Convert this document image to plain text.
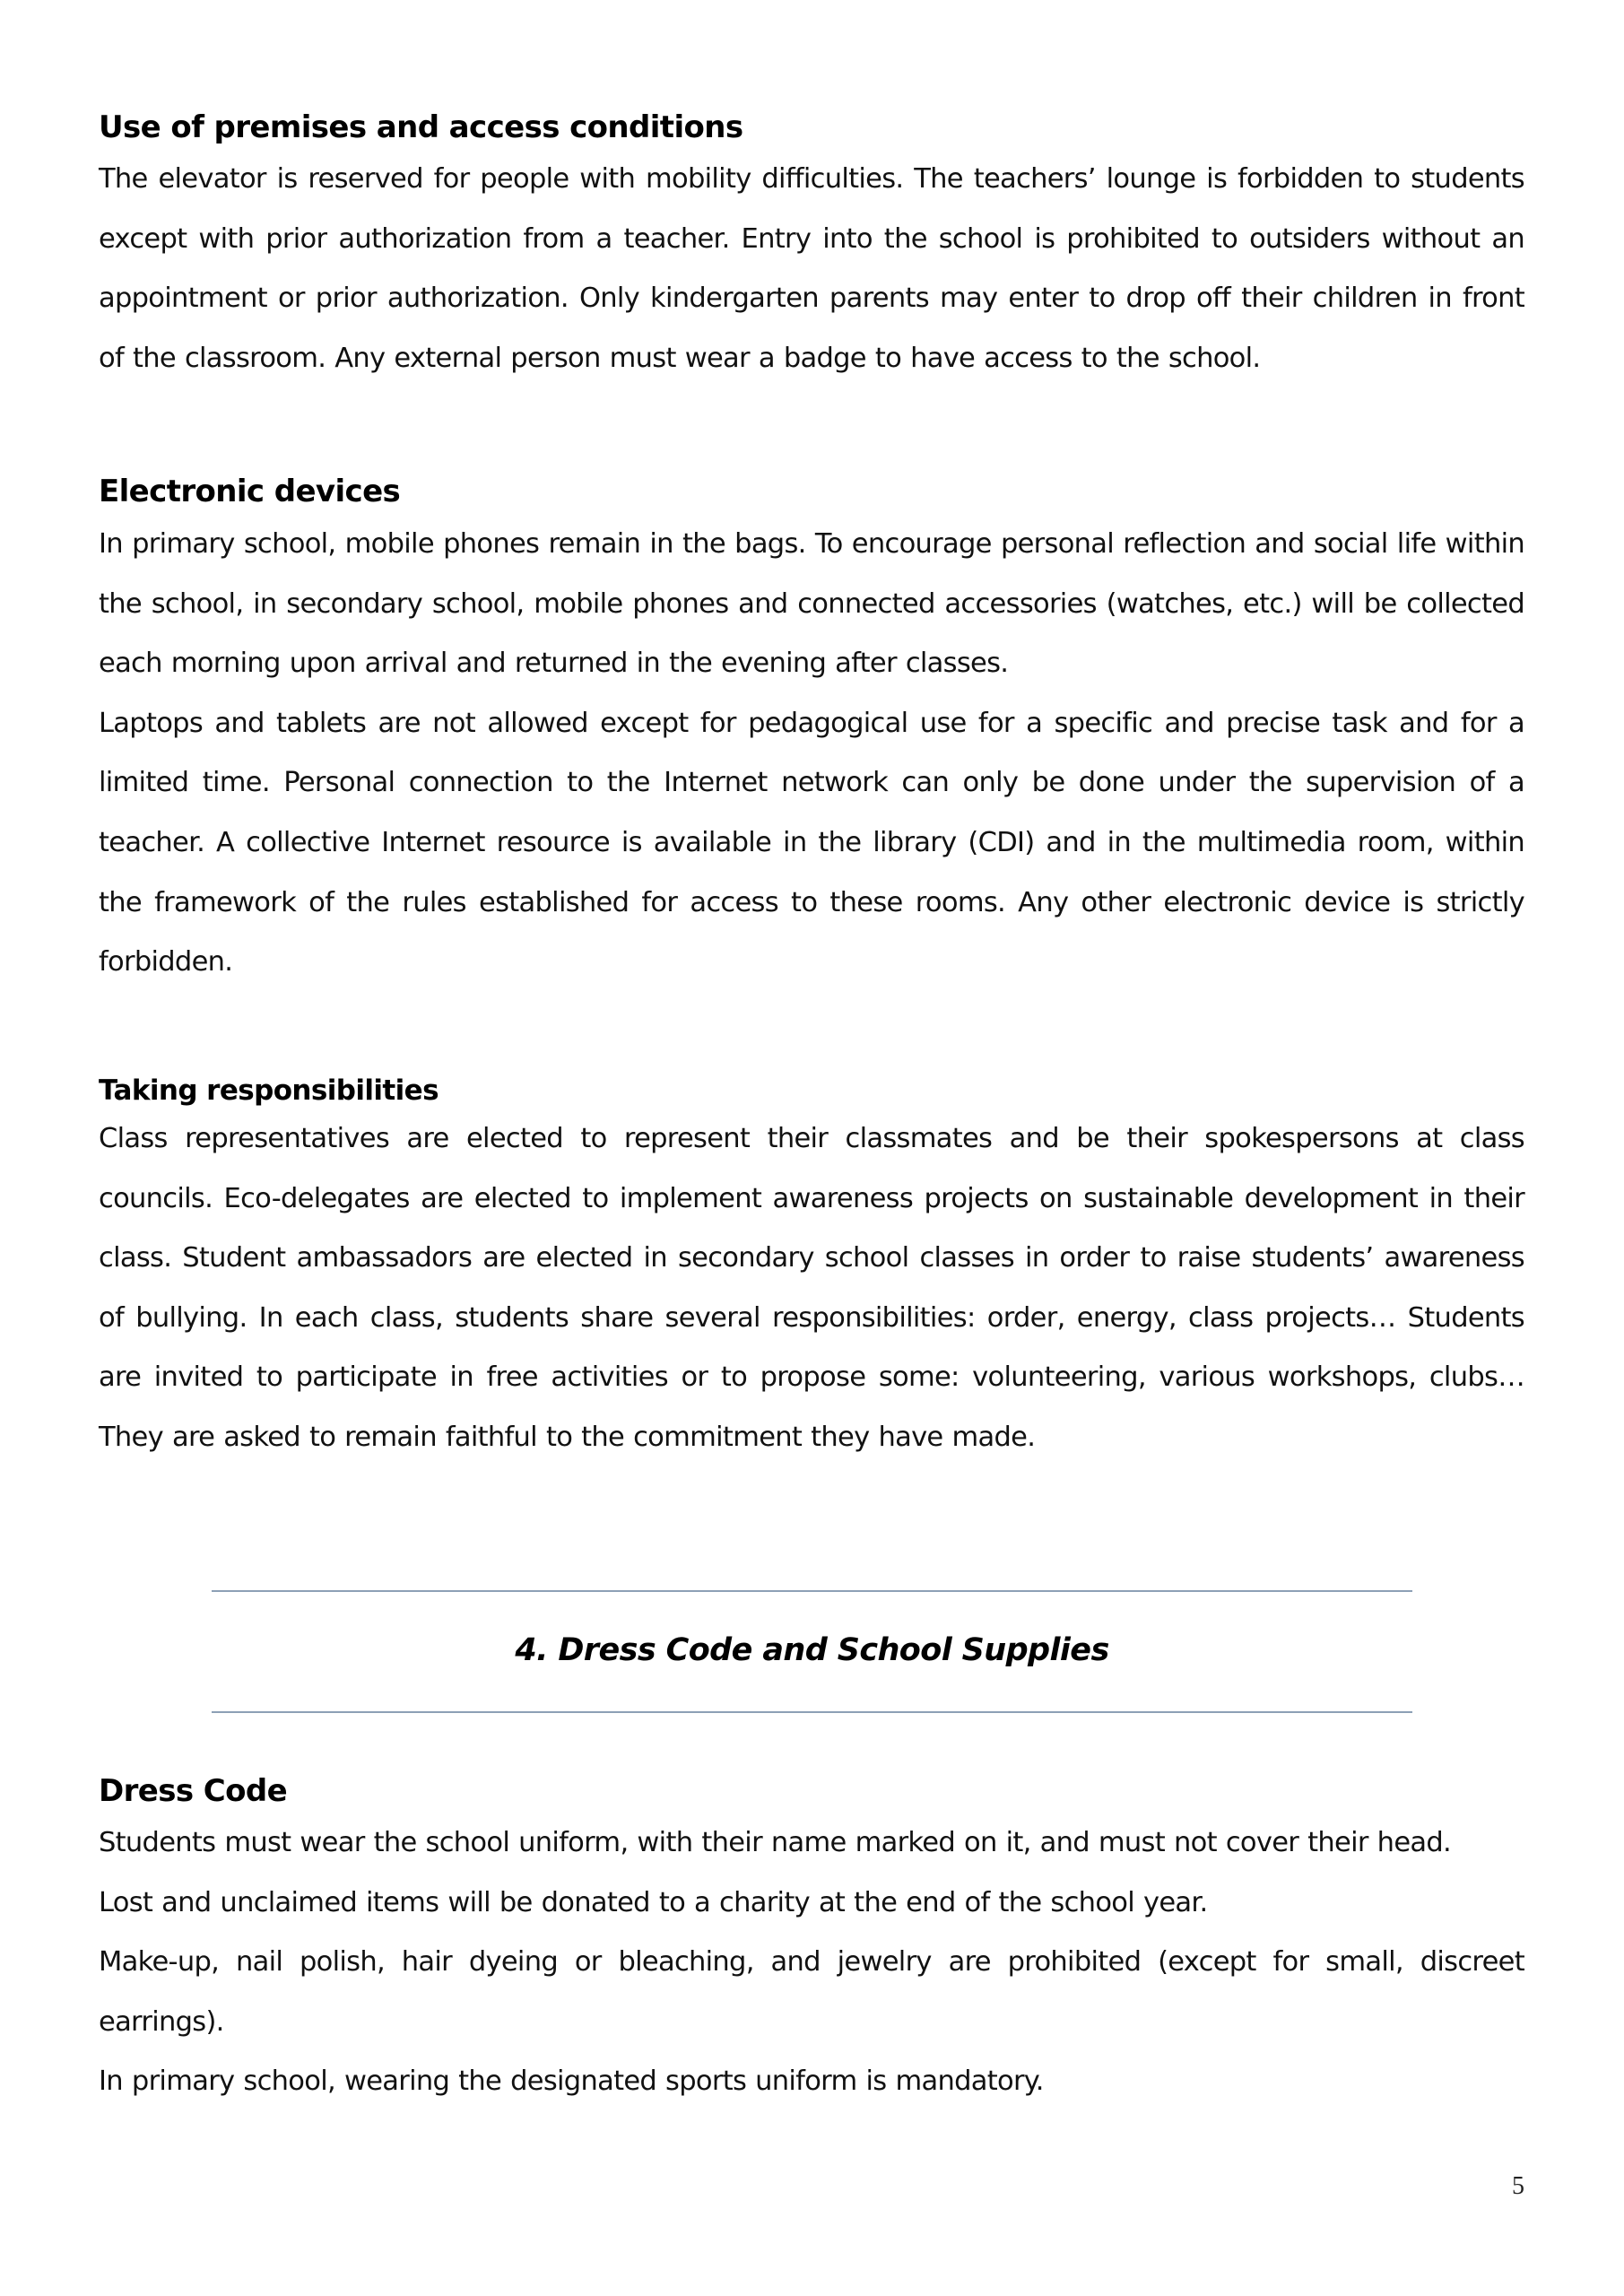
Use of premises and access conditions

The elevator is reserved for people with mobility difficulties. The teachers’ lounge is forbidden to students except with prior authorization from a teacher. Entry into the school is prohibited to outsiders without an appointment or prior authorization. Only kindergarten parents may enter to drop off their children in front of the classroom. Any external person must wear a badge to have access to the school.

Electronic devices

In primary school, mobile phones remain in the bags. To encourage personal reflection and social life within the school, in secondary school, mobile phones and connected accessories (watches, etc.) will be collected each morning upon arrival and returned in the evening after classes.

Laptops and tablets are not allowed except for pedagogical use for a specific and precise task and for a limited time. Personal connection to the Internet network can only be done under the supervision of a teacher. A collective Internet resource is available in the library (CDI) and in the multimedia room, within the framework of the rules established for access to these rooms. Any other electronic device is strictly forbidden.

Taking responsibilities

Class representatives are elected to represent their classmates and be their spokespersons at class councils. Eco-delegates are elected to implement awareness projects on sustainable development in their class. Student ambassadors are elected in secondary school classes in order to raise students’ awareness of bullying. In each class, students share several responsibilities: order, energy, class projects… Students are invited to participate in free activities or to propose some: volunteering, various workshops, clubs… They are asked to remain faithful to the commitment they have made.

4. Dress Code and School Supplies
Dress Code

Students must wear the school uniform, with their name marked on it, and must not cover their head.

Lost and unclaimed items will be donated to a charity at the end of the school year.

Make-up, nail polish, hair dyeing or bleaching, and jewelry are prohibited (except for small, discreet earrings).

In primary school, wearing the designated sports uniform is mandatory.

5
